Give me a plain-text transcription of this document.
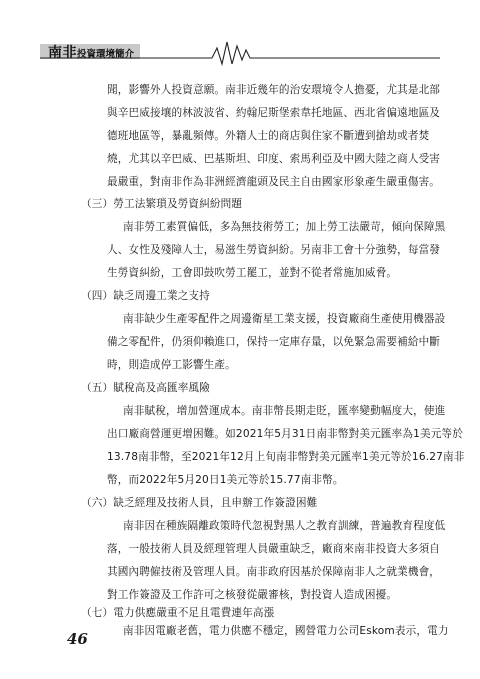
南非投資環境簡介
聞，影響外人投資意願。南非近幾年的治安環境令人擔憂，尤其是北部
與辛巴威接壤的林波波省、約翰尼斯堡索韋托地區、西北省偏遠地區及
德班地區等，暴亂頻傳。外籍人士的商店與住家不斷遭到搶劫或者焚
燒，尤其以辛巴威、巴基斯坦、印度、索馬利亞及中國大陸之商人受害
最嚴重，對南非作為非洲經濟龍頭及民主自由國家形象產生嚴重傷害。
（三）勞工法繁瑣及勞資糾紛問題
南非勞工素質偏低，多為無技術勞工；加上勞工法嚴苛，傾向保障黑
人、女性及殘障人士，易滋生勞資糾紛。另南非工會十分強勢，每當發
生勞資糾紛，工會即鼓吹勞工罷工，並對不從者常施加威脅。
（四）缺乏周邊工業之支持
南非缺少生產零配件之周邊衛星工業支援，投資廠商生產使用機器設
備之零配件，仍須仰賴進口，保持一定庫存量，以免緊急需要補給中斷
時，則造成停工影響生產。
（五）賦稅高及高匯率風險
南非賦稅，增加營運成本。南非幣長期走貶，匯率變動幅度大，使進
出口廠商營運更增困難。如2021年5月31日南非幣對美元匯率為1美元等於
13.78南非幣，至2021年12月上旬南非幣對美元匯率1美元等於16.27南非
幣，而2022年5月20日1美元等於15.77南非幣。
（六）缺乏經理及技術人員，且申辦工作簽證困難
南非因在種族隔離政策時代忽視對黑人之教育訓練，普遍教育程度低
落，一般技術人員及經理管理人員嚴重缺乏，廠商來南非投資大多須自
其國內聘僱技術及管理人員。南非政府因基於保障南非人之就業機會，
對工作簽證及工作許可之核發從嚴審核，對投資人造成困擾。
（七）電力供應嚴重不足且電費連年高漲
南非因電廠老舊，電力供應不穩定，國營電力公司Eskom表示，電力
46
